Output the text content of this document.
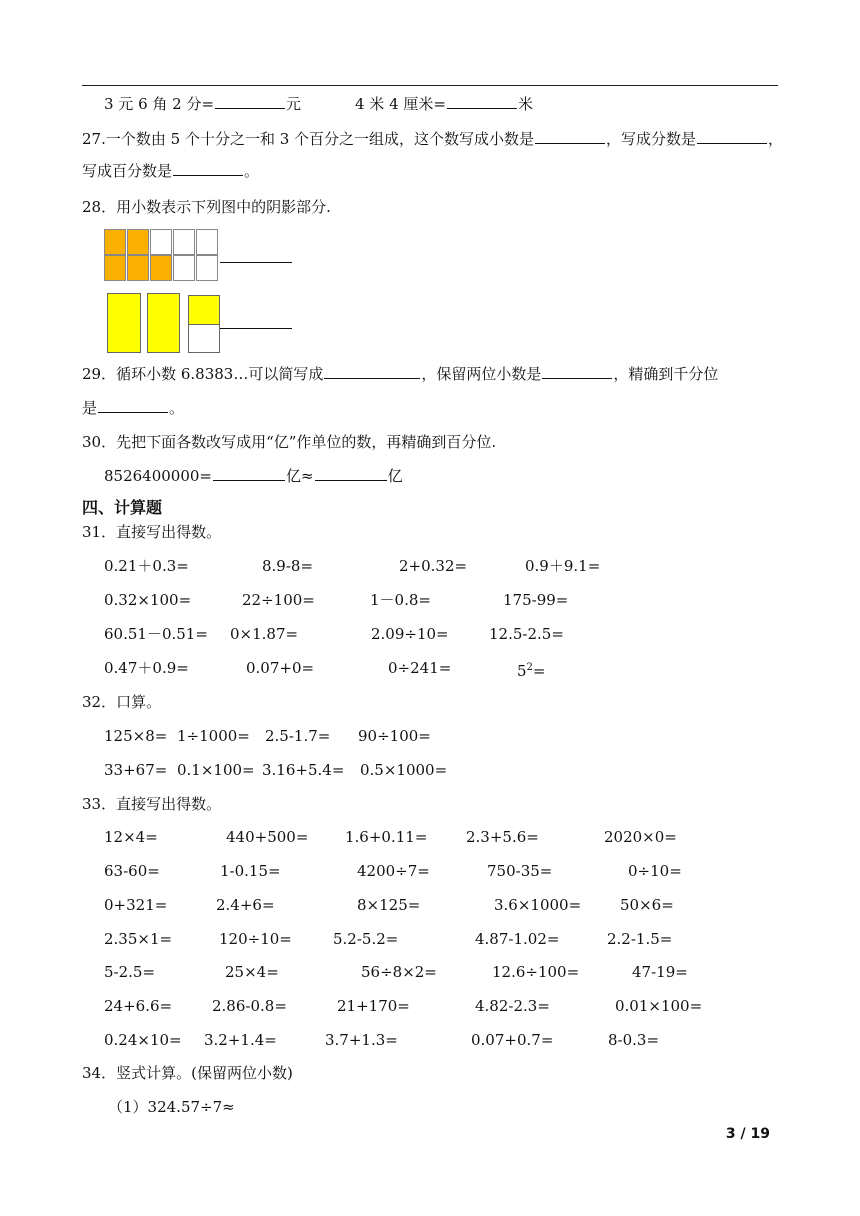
3 元 6 角 2 分=	元	4 米 4 厘米=	米
27.一个数由 5 个十分之一和 3 个百分之一组成，这个数写成小数是	，写成分数是	，
写成百分数是	。
28．用小数表示下列图中的阴影部分.
29．循环小数 6.8383…可以简写成	，保留两位小数是	，精确到千分位
是	。
30．先把下面各数改写成用“亿”作单位的数，再精确到百分位.
8526400000=	亿≈	亿
四、计算题
31．直接写出得数。
0.21＋0.3=	8.9-8=	2+0.32=	0.9＋9.1=
0.32×100=	22÷100=	1－0.8=	175-99=
60.51－0.51= 0×1.87=	2.09÷10=	12.5-2.5=
0.47＋0.9=	0.07+0=	0÷241=	$5^2=$
32．口算。
125×8= 1÷1000= 2.5-1.7= 90÷100=
33+67= 0.1×100= 3.16+5.4= 0.5×1000=
33．直接写出得数。
12×4=	440+500= 1.6+0.11=	2.3+5.6=	2020×0=
63-60=	1-0.15=	4200÷7=	750-35=	0÷10=
0+321=	2.4+6=	8×125=	3.6×1000=	50×6=
2.35×1=	120÷10=	5.2-5.2=	4.87-1.02=	2.2-1.5=
5-2.5=	25×4=	56÷8×2=	12.6÷100=	47-19=
24+6.6=	2.86-0.8=	21+170=	4.82-2.3=	0.01×100=
0.24×10= 3.2+1.4=	3.7+1.3=	0.07+0.7=	8-0.3=
34．竖式计算。(保留两位小数)
（1）324.57÷7≈
3 / 19
